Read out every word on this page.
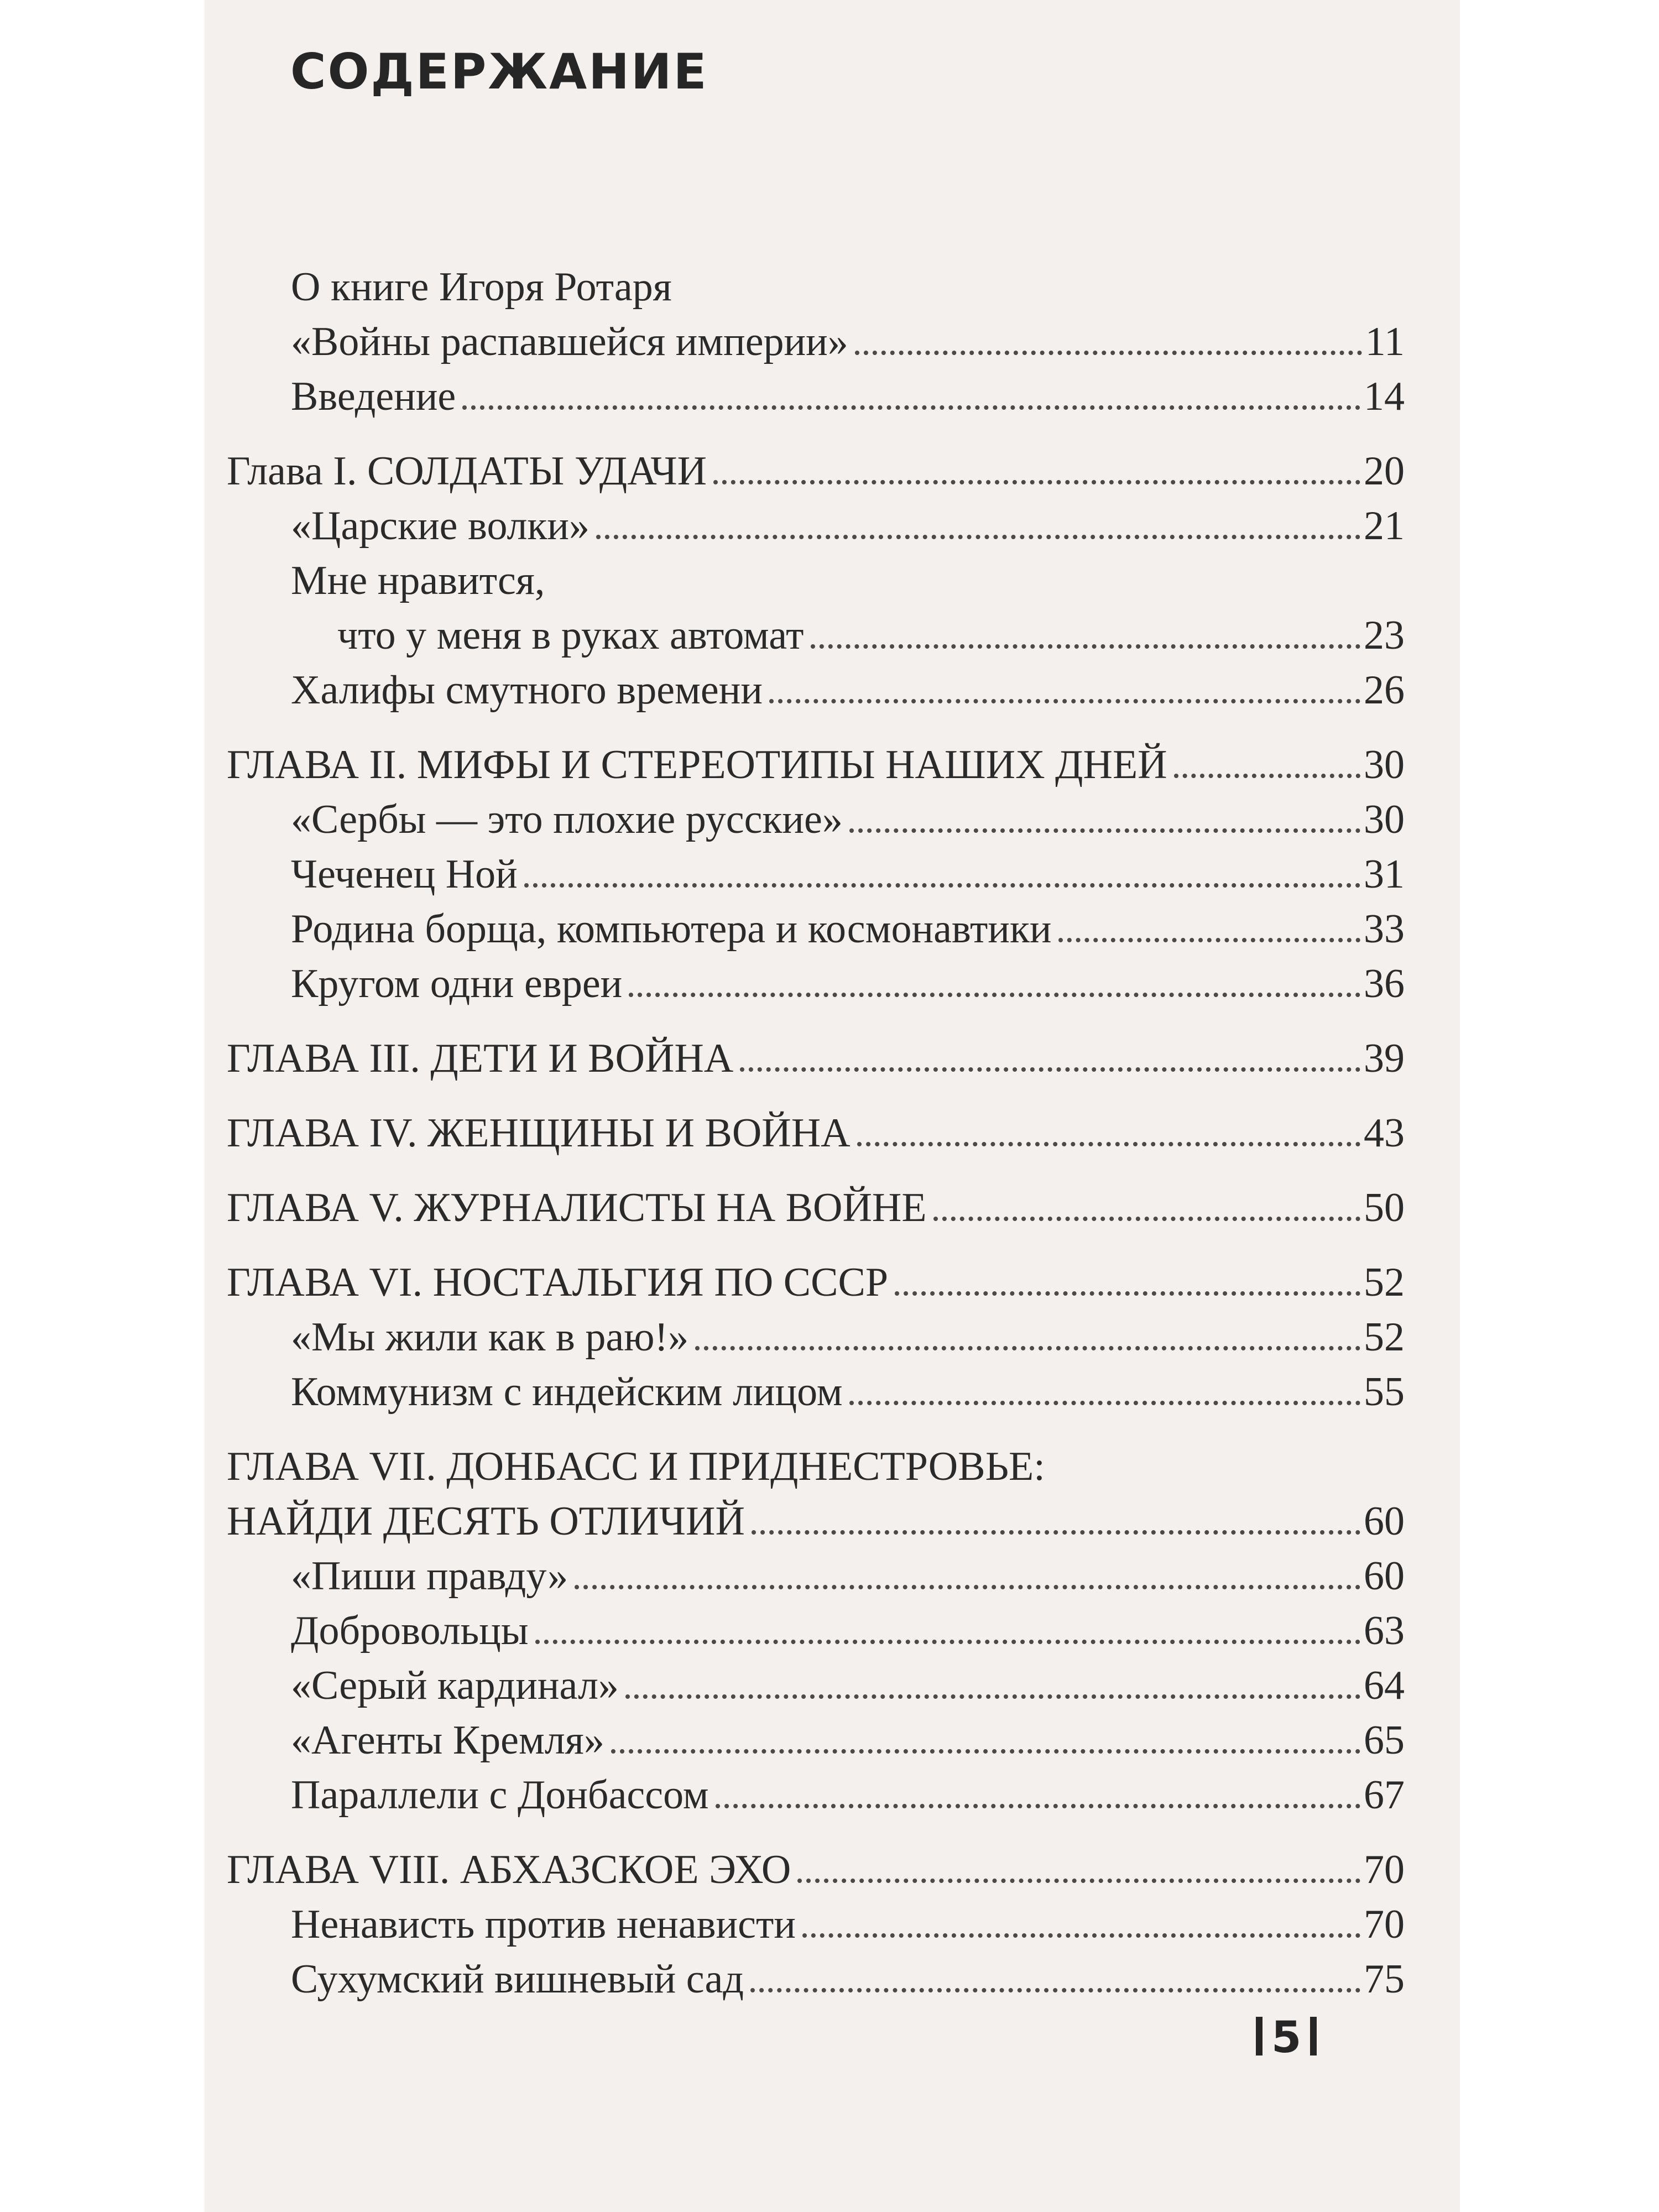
СОДЕРЖАНИЕ
О книге Игоря Ротаря
«Войны распавшейся империи»	11
Введение	14
Глава I. СОЛДАТЫ УДАЧИ	20
«Царские волки»	21
Мне нравится,
что у меня в руках автомат	23
Халифы смутного времени	26
ГЛАВА II. МИФЫ И СТЕРЕОТИПЫ НАШИХ ДНЕЙ	30
«Сербы — это плохие русские»	30
Чеченец Ной	31
Родина борща, компьютера и космонавтики	33
Кругом одни евреи	36
ГЛАВА III. ДЕТИ И ВОЙНА	39
ГЛАВА IV. ЖЕНЩИНЫ И ВОЙНА	43
ГЛАВА V. ЖУРНАЛИСТЫ НА ВОЙНЕ	50
ГЛАВА VI. НОСТАЛЬГИЯ ПО СССР	52
«Мы жили как в раю!»	52
Коммунизм с индейским лицом	55
ГЛАВА VII. ДОНБАСС И ПРИДНЕСТРОВЬЕ:
НАЙДИ ДЕСЯТЬ ОТЛИЧИЙ	60
«Пиши правду»	60
Добровольцы	63
«Серый кардинал»	64
«Агенты Кремля»	65
Параллели с Донбассом	67
ГЛАВА VIII. АБХАЗСКОЕ ЭХО	70
Ненависть против ненависти	70
Сухумский вишневый сад	75
5
